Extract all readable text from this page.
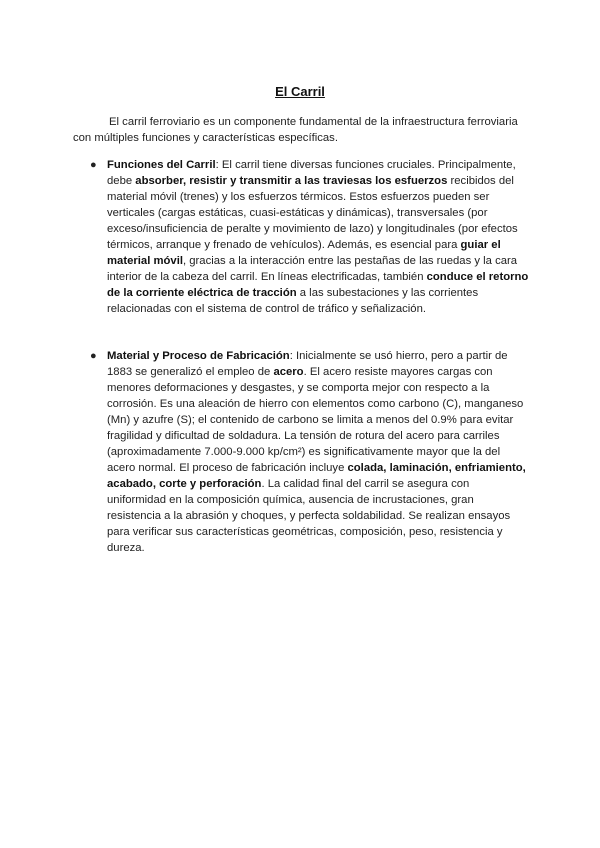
El Carril

El carril ferroviario es un componente fundamental de la infraestructura ferroviaria con múltiples funciones y características específicas.

● Funciones del Carril: El carril tiene diversas funciones cruciales. Principalmente, debe absorber, resistir y transmitir a las traviesas los esfuerzos recibidos del material móvil (trenes) y los esfuerzos térmicos. Estos esfuerzos pueden ser verticales (cargas estáticas, cuasi-estáticas y dinámicas), transversales (por exceso/insuficiencia de peralte y movimiento de lazo) y longitudinales (por efectos térmicos, arranque y frenado de vehículos). Además, es esencial para guiar el material móvil, gracias a la interacción entre las pestañas de las ruedas y la cara interior de la cabeza del carril. En líneas electrificadas, también conduce el retorno de la corriente eléctrica de tracción a las subestaciones y las corrientes relacionadas con el sistema de control de tráfico y señalización.
● Material y Proceso de Fabricación: Inicialmente se usó hierro, pero a partir de 1883 se generalizó el empleo de acero. El acero resiste mayores cargas con menores deformaciones y desgastes, y se comporta mejor con respecto a la corrosión. Es una aleación de hierro con elementos como carbono (C), manganeso (Mn) y azufre (S); el contenido de carbono se limita a menos del 0.9% para evitar fragilidad y dificultad de soldadura. La tensión de rotura del acero para carriles (aproximadamente 7.000-9.000 kp/cm²) es significativamente mayor que la del acero normal. El proceso de fabricación incluye colada, laminación, enfriamiento, acabado, corte y perforación. La calidad final del carril se asegura con uniformidad en la composición química, ausencia de incrustaciones, gran resistencia a la abrasión y choques, y perfecta soldabilidad. Se realizan ensayos para verificar sus características geométricas, composición, peso, resistencia y dureza.
